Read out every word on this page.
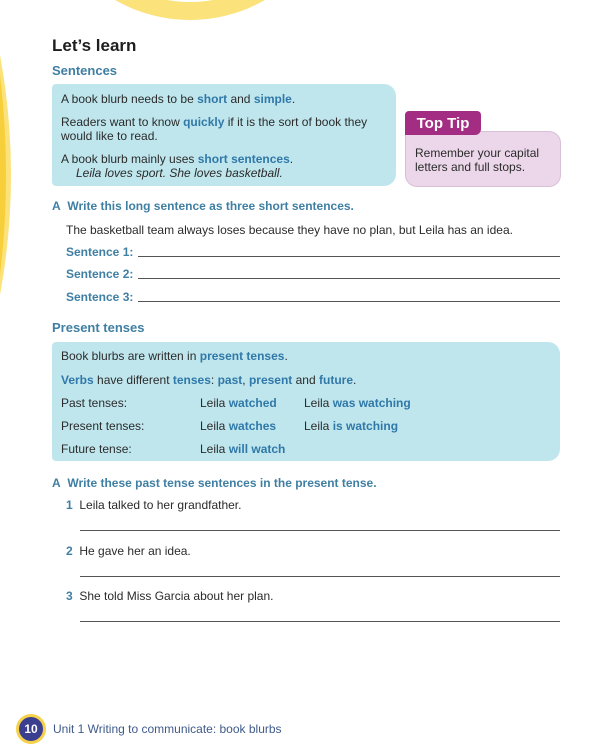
Let’s learn
Sentences
A book blurb needs to be short and simple.
Readers want to know quickly if it is the sort of book they
would like to read.
A book blurb mainly uses short sentences.
Leila loves sport. She loves basketball.
Top Tip
Remember your capital
letters and full stops.
A Write this long sentence as three short sentences.
The basketball team always loses because they have no plan, but Leila has an idea.
Sentence 1:
Sentence 2:
Sentence 3:
Present tenses
Book blurbs are written in present tenses.
Verbs have different tenses: past, present and future.
Past tenses:	Leila watched Leila was watching
Present tenses:	Leila watches Leila is watching
Future tense:	Leila will watch
A Write these past tense sentences in the present tense.
1 Leila talked to her grandfather.
2 He gave her an idea.
3 She told Miss Garcia about her plan.
10	Unit 1 Writing to communicate: book blurbs
